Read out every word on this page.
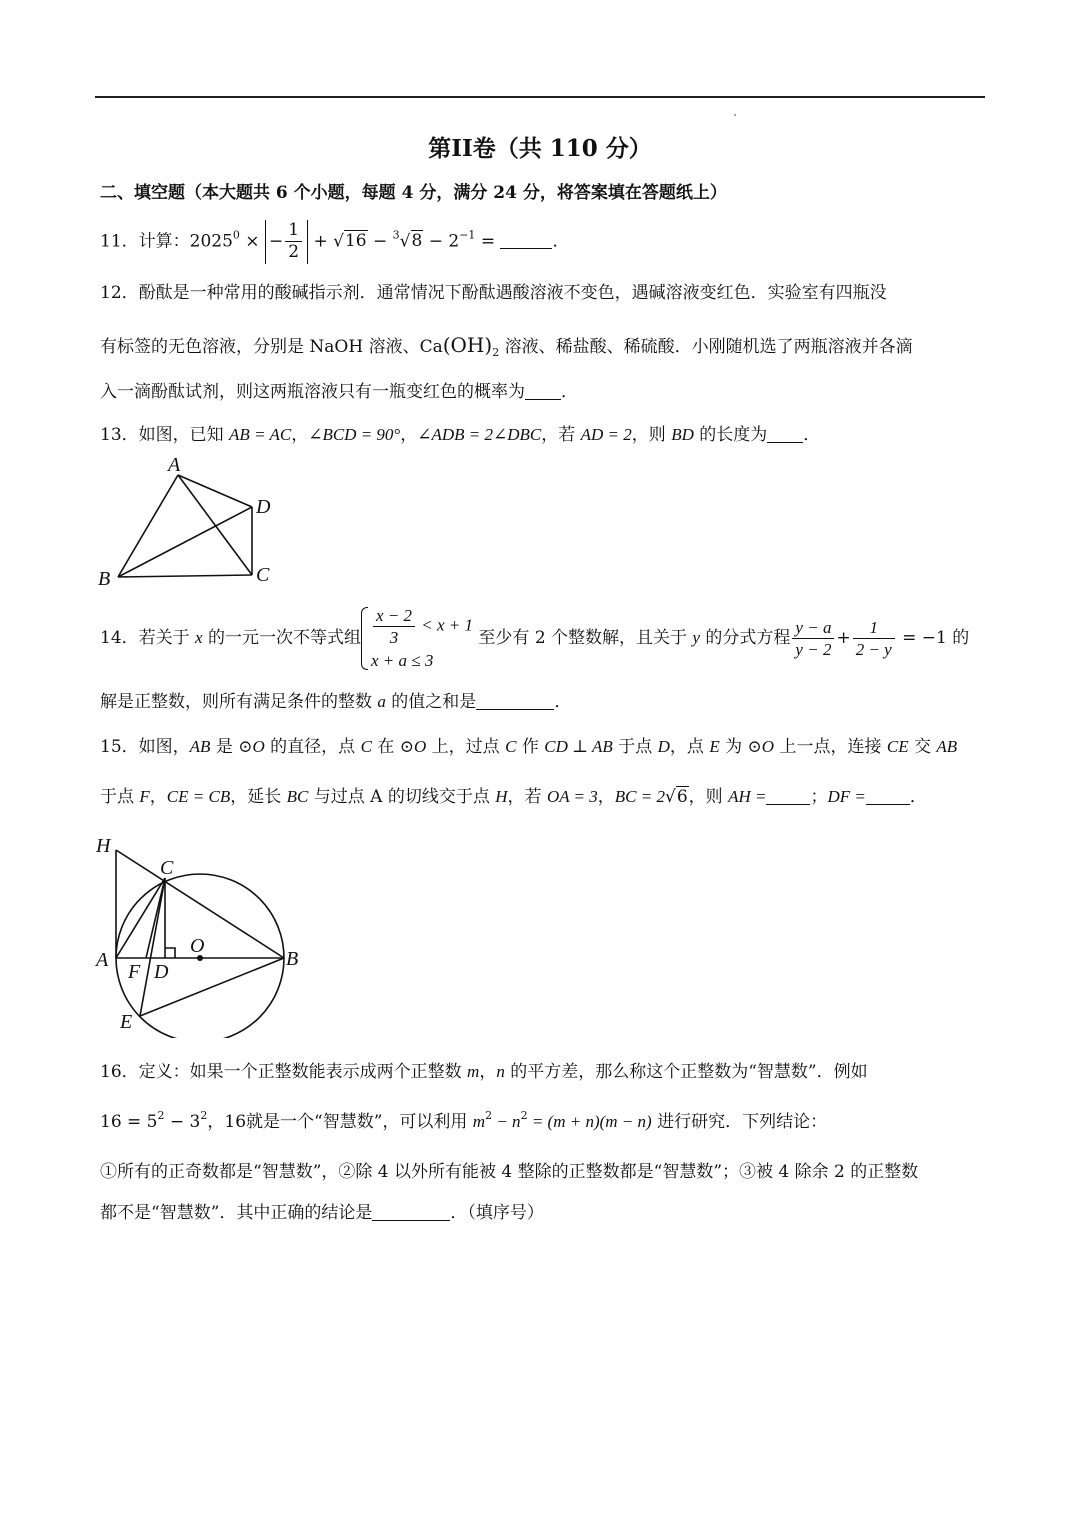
第II卷（共 110 分）
二、填空题（本大题共 6 个小题，每题 4 分，满分 24 分，将答案填在答题纸上）
11．计算：$2025^0$ × − $\frac{1}{2} + √16 - ^3√8 - 2^{-1}$ =	．
12．酚酞是一种常用的酸碱指示剂．通常情况下酚酞遇酸溶液不变色，遇碱溶液变红色．实验室有四瓶没
有标签的无色溶液，分别是 NaOH 溶液、$Ca(OH)_2$ 溶液、稀盐酸、稀硫酸．小刚随机选了两瓶溶液并各滴
入一滴酚酞试剂，则这两瓶溶液只有一瓶变红色的概率为 ．
13．如图，已知 AB = AC，∠BCD = 90°，∠ADB = 2∠DBC，若 AD = 2，则 BD 的长度为 ．
A
B	C
D
14．若关于 x 的一元一次不等式组 $\frac{x - 2}{3} < x + 1$
x + a ≤ 3
至少有 2 个整数解，且关于 y 的分式方程 $\frac{y - a}{y - 2} + \frac{1}{2 - y} = -1$ 的
解是正整数，则所有满足条件的整数 a 的值之和是	．
15．如图，AB 是 ⊙O 的直径，点 C 在 ⊙O 上，过点 C 作 CD ⊥ AB 于点 D，点 E 为 ⊙O 上一点，连接 CE 交 AB
于点 F，CE = CB，延长 BC 与过点 A 的切线交于点 H，若 OA = 3，BC = 2√6，则 AH =	；DF =	．
H
C
O
A
F D
B
E
16．定义：如果一个正整数能表示成两个正整数 m，n 的平方差，那么称这个正整数为“智慧数”．例如
$16 = 5^2 - 3^2$，16就是一个“智慧数”，可以利用 $m^2 - n^2 = (m + n)(m - n)$ 进行研究．下列结论：
①所有的正奇数都是“智慧数”，②除 4 以外所有能被 4 整除的正整数都是“智慧数”；③被 4 除余 2 的正整数
都不是“智慧数”．其中正确的结论是	．（填序号）
